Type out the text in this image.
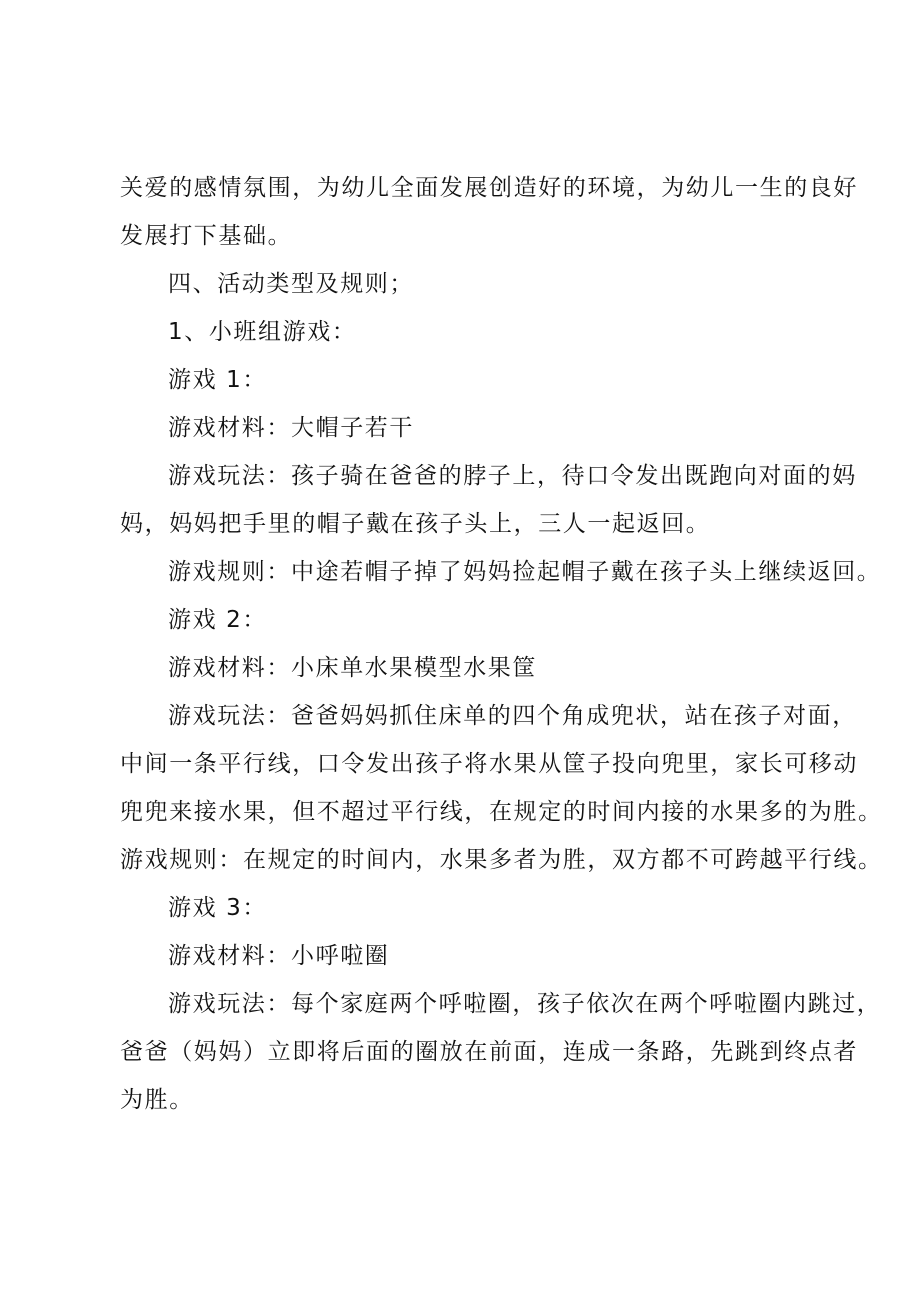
关爱的感情氛围，为幼儿全面发展创造好的环境，为幼儿一生的良好
发展打下基础。
四、活动类型及规则；
1、小班组游戏：
游戏 1：
游戏材料：大帽子若干
游戏玩法：孩子骑在爸爸的脖子上，待口令发出既跑向对面的妈
妈，妈妈把手里的帽子戴在孩子头上，三人一起返回。
游戏规则：中途若帽子掉了妈妈捡起帽子戴在孩子头上继续返回。
游戏 2：
游戏材料：小床单水果模型水果筐
游戏玩法：爸爸妈妈抓住床单的四个角成兜状，站在孩子对面，
中间一条平行线，口令发出孩子将水果从筐子投向兜里，家长可移动
兜兜来接水果，但不超过平行线，在规定的时间内接的水果多的为胜。
游戏规则：在规定的时间内，水果多者为胜，双方都不可跨越平行线。
游戏 3：
游戏材料：小呼啦圈
游戏玩法：每个家庭两个呼啦圈，孩子依次在两个呼啦圈内跳过，
爸爸（妈妈）立即将后面的圈放在前面，连成一条路，先跳到终点者
为胜。
